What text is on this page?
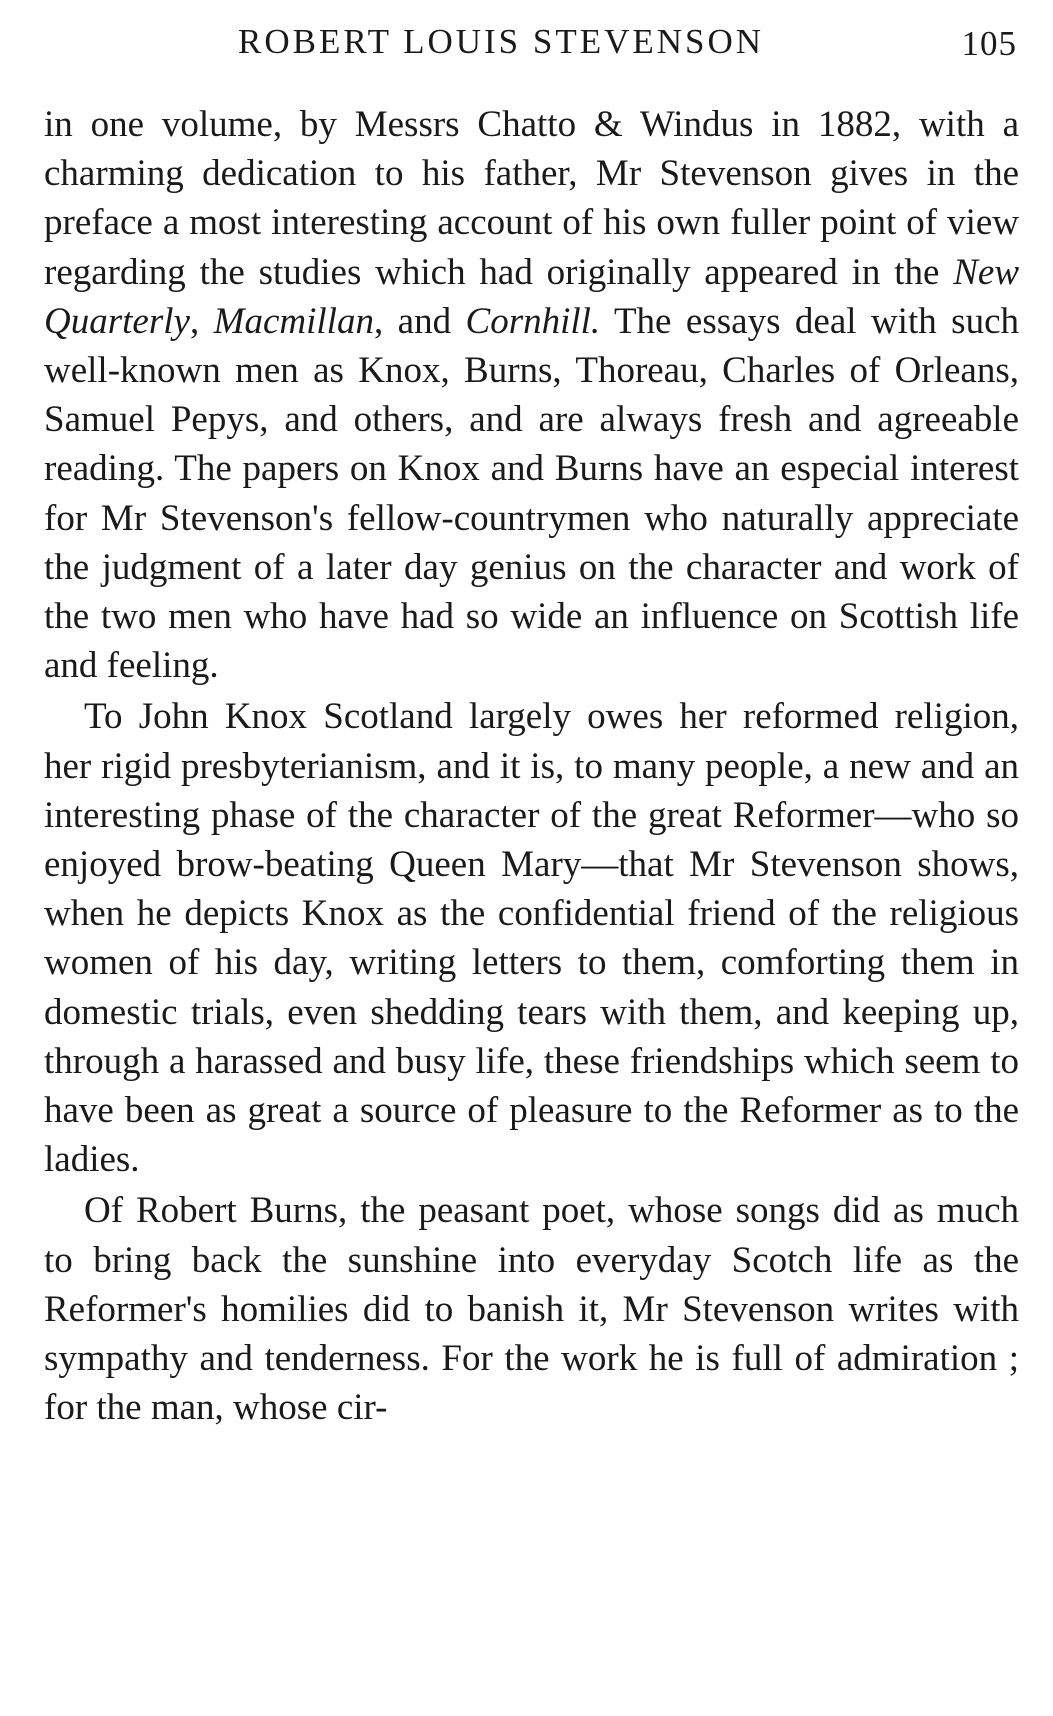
ROBERT LOUIS STEVENSON	105

in one volume, by Messrs Chatto & Windus in 1882, with a charming dedication to his father, Mr Stevenson gives in the preface a most interesting account of his own fuller point of view regarding the studies which had originally appeared in the New Quarterly, Macmillan, and Cornhill. The essays deal with such well-known men as Knox, Burns, Thoreau, Charles of Orleans, Samuel Pepys, and others, and are always fresh and agreeable reading. The papers on Knox and Burns have an especial interest for Mr Stevenson's fellow-countrymen who naturally appreciate the judgment of a later day genius on the character and work of the two men who have had so wide an influence on Scottish life and feeling.

To John Knox Scotland largely owes her reformed religion, her rigid presbyterianism, and it is, to many people, a new and an interesting phase of the character of the great Reformer—who so enjoyed brow-beating Queen Mary—that Mr Stevenson shows, when he depicts Knox as the confidential friend of the religious women of his day, writing letters to them, comforting them in domestic trials, even shedding tears with them, and keeping up, through a harassed and busy life, these friendships which seem to have been as great a source of pleasure to the Reformer as to the ladies.

Of Robert Burns, the peasant poet, whose songs did as much to bring back the sunshine into everyday Scotch life as the Reformer's homilies did to banish it, Mr Stevenson writes with sympathy and tenderness. For the work he is full of admiration ; for the man, whose cir-
